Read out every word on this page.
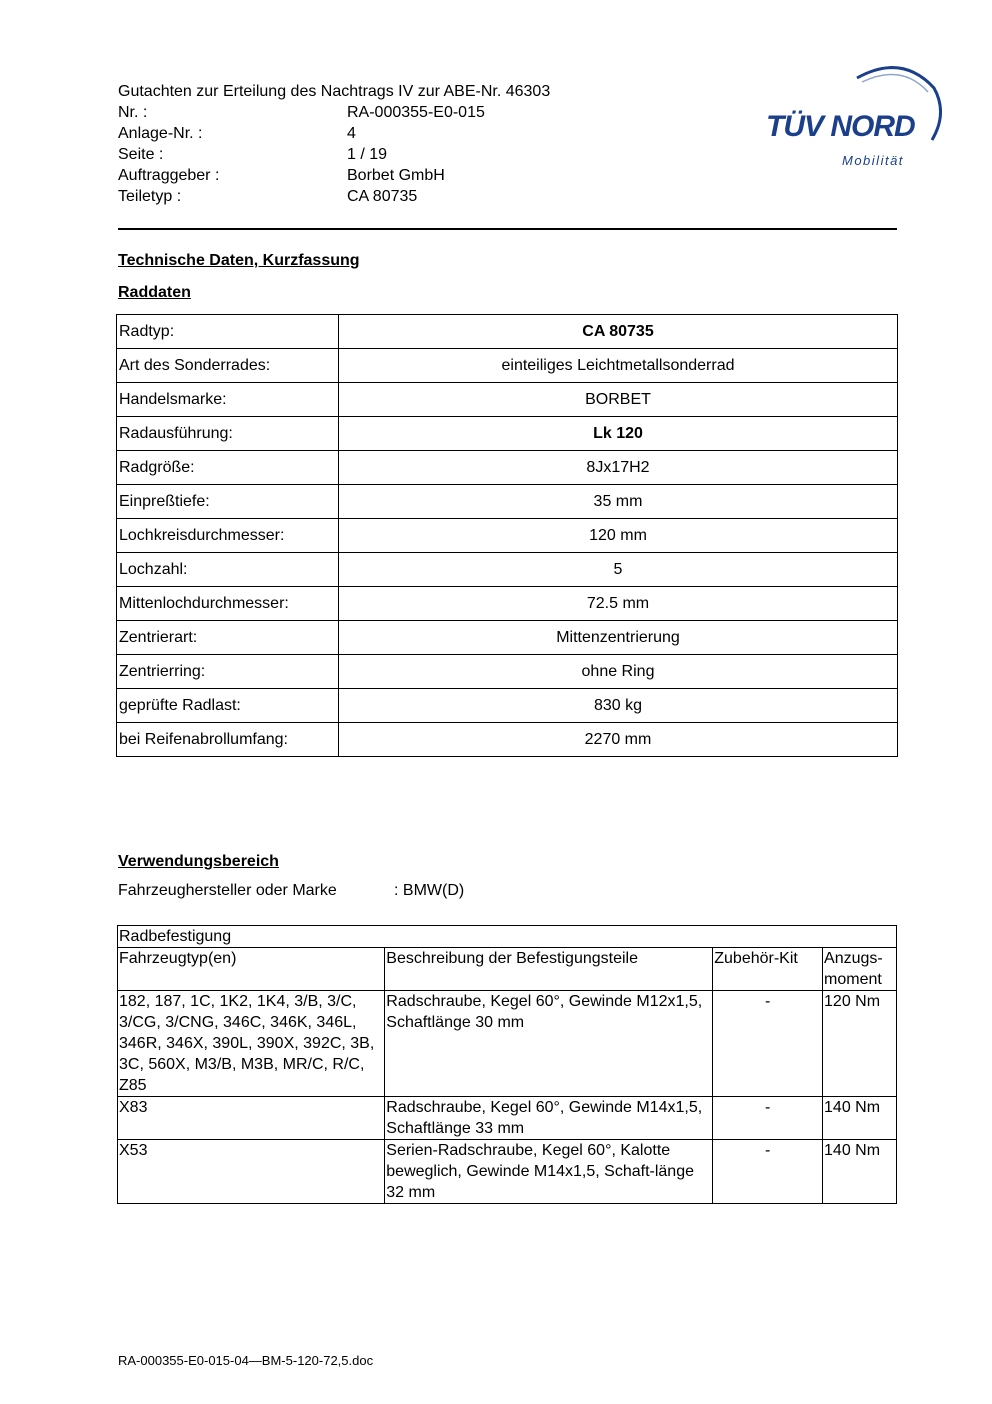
Gutachten zur Erteilung des Nachtrags IV zur ABE-Nr. 46303
Nr. :	RA-000355-E0-015
Anlage-Nr. :	4
Seite :	1 / 19
Auftraggeber :	Borbet GmbH
Teiletyp :	CA 80735
TÜV NORD
Mobilität
Technische Daten, Kurzfassung
Raddaten
Radtyp:	CA 80735
Art des Sonderrades:	einteiliges Leichtmetallsonderrad
Handelsmarke:	BORBET
Radausführung:	Lk 120
Radgröße:	8Jx17H2
Einpreßtiefe:	35 mm
Lochkreisdurchmesser:	120 mm
Lochzahl:	5
Mittenlochdurchmesser:	72.5 mm
Zentrierart:	Mittenzentrierung
Zentrierring:	ohne Ring
geprüfte Radlast:	830 kg
bei Reifenabrollumfang:	2270 mm
Verwendungsbereich
Fahrzeughersteller oder Marke	: BMW(D)
Radbefestigung			
Fahrzeugtyp(en)	Beschreibung der Befestigungsteile	Zubehör-Kit	Anzugs-
moment
182, 187, 1C, 1K2, 1K4, 3/B, 3/C, 3/CG, 3/CNG, 346C, 346K, 346L, 346R, 346X, 390L, 390X, 392C, 3B, 3C, 560X, M3/B, M3B, MR/C, R/C, Z85	Radschraube, Kegel 60°, Gewinde M12x1,5, Schaftlänge 30 mm	-	120 Nm
X83	Radschraube, Kegel 60°, Gewinde M14x1,5, Schaftlänge 33 mm	-	140 Nm
X53	Serien-Radschraube, Kegel 60°, Kalotte beweglich, Gewinde M14x1,5, Schaft-länge 32 mm	-	140 Nm
RA-000355-E0-015-04—BM-5-120-72,5.doc
